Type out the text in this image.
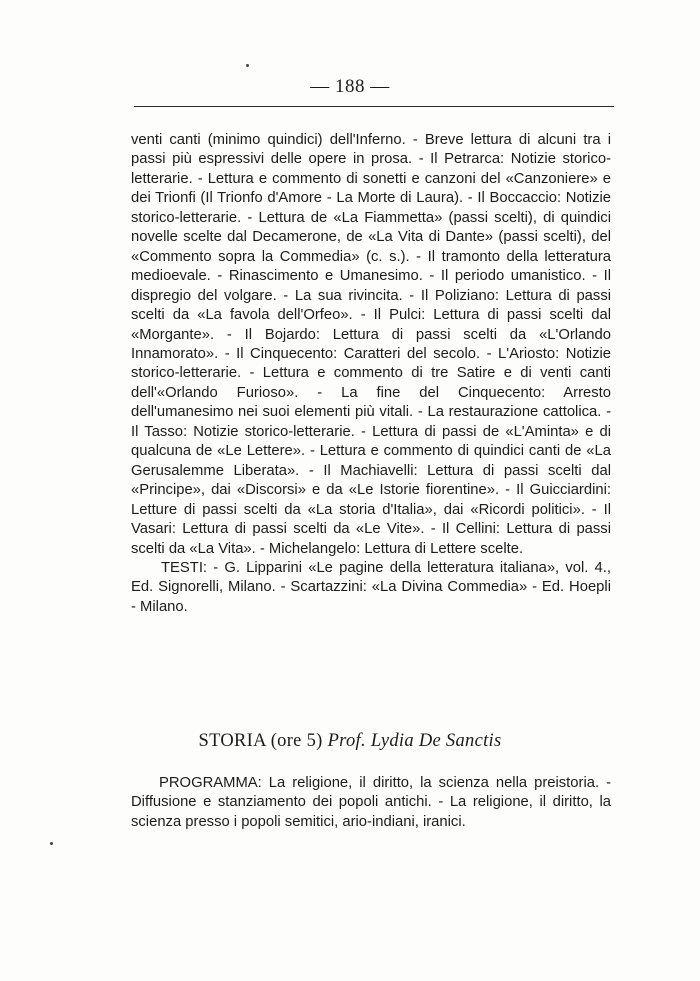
— 188 —

venti canti (minimo quindici) dell'Inferno. - Breve lettura di alcuni tra i passi più espressivi delle opere in prosa. - Il Petrarca: Notizie storico-letterarie. - Lettura e commento di sonetti e canzoni del «Canzoniere» e dei Trionfi (Il Trionfo d'Amore - La Morte di Laura). - Il Boccaccio: Notizie storico-letterarie. - Lettura de «La Fiammetta» (passi scelti), di quindici novelle scelte dal Decamerone, de «La Vita di Dante» (passi scelti), del «Commento sopra la Commedia» (c. s.). - Il tramonto della letteratura medioevale. - Rinascimento e Umanesimo. - Il periodo umanistico. - Il dispregio del volgare. - La sua rivincita. - Il Poliziano: Lettura di passi scelti da «La favola dell'Orfeo». - Il Pulci: Lettura di passi scelti dal «Morgante». - Il Bojardo: Lettura di passi scelti da «L'Orlando Innamorato». - Il Cinquecento: Caratteri del secolo. - L'Ariosto: Notizie storico-letterarie. - Lettura e commento di tre Satire e di venti canti dell'«Orlando Furioso». - La fine del Cinquecento: Arresto dell'umanesimo nei suoi elementi più vitali. - La restaurazione cattolica. - Il Tasso: Notizie storico-letterarie. - Lettura di passi de «L'Aminta» e di qualcuna de «Le Lettere». - Lettura e commento di quindici canti de «La Gerusalemme Liberata». - Il Machiavelli: Lettura di passi scelti dal «Principe», dai «Discorsi» e da «Le Istorie fiorentine». - Il Guicciardini: Letture di passi scelti da «La storia d'Italia», dai «Ricordi politici». - Il Vasari: Lettura di passi scelti da «Le Vite». - Il Cellini: Lettura di passi scelti da «La Vita». - Michelangelo: Lettura di Lettere scelte.

TESTI: - G. Lipparini «Le pagine della letteratura italiana», vol. 4., Ed. Signorelli, Milano. - Scartazzini: «La Divina Commedia» - Ed. Hoepli - Milano.

STORIA (ore 5) Prof. Lydia De Sanctis

PROGRAMMA: La religione, il diritto, la scienza nella preistoria. - Diffusione e stanziamento dei popoli antichi. - La religione, il diritto, la scienza presso i popoli semitici, ario-indiani, iranici.
